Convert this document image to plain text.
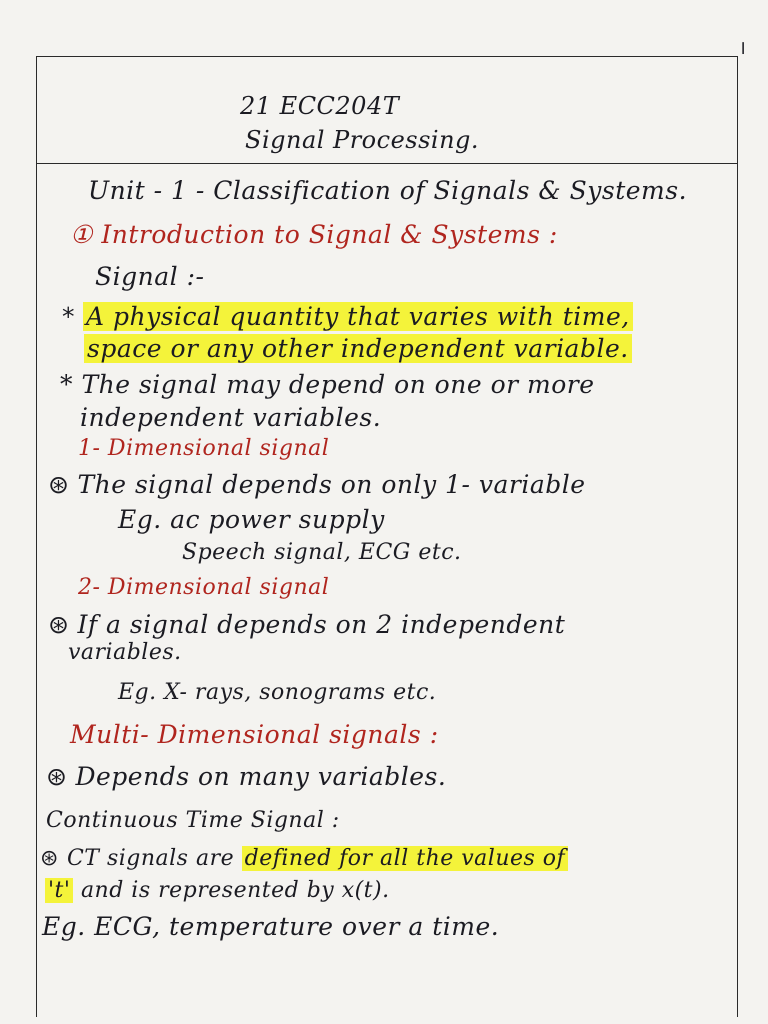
╵
21 ECC204T
Signal Processing.
Unit - 1 - Classification of Signals & Systems.
① Introduction to Signal & Systems :
Signal :-
* A physical quantity that varies with time,
space or any other independent variable.
* The signal may depend on one or more
independent variables.
1- Dimensional signal
⊛ The signal depends on only 1- variable
Eg. ac power supply
Speech signal, ECG etc.
2- Dimensional signal
⊛ If a signal depends on 2 independent
variables.
Eg. X- rays, sonograms etc.
Multi- Dimensional signals :
⊛ Depends on many variables.
Continuous Time Signal :
⊛ CT signals are defined for all the values of
't' and is represented by x(t).
Eg. ECG, temperature over a time.
